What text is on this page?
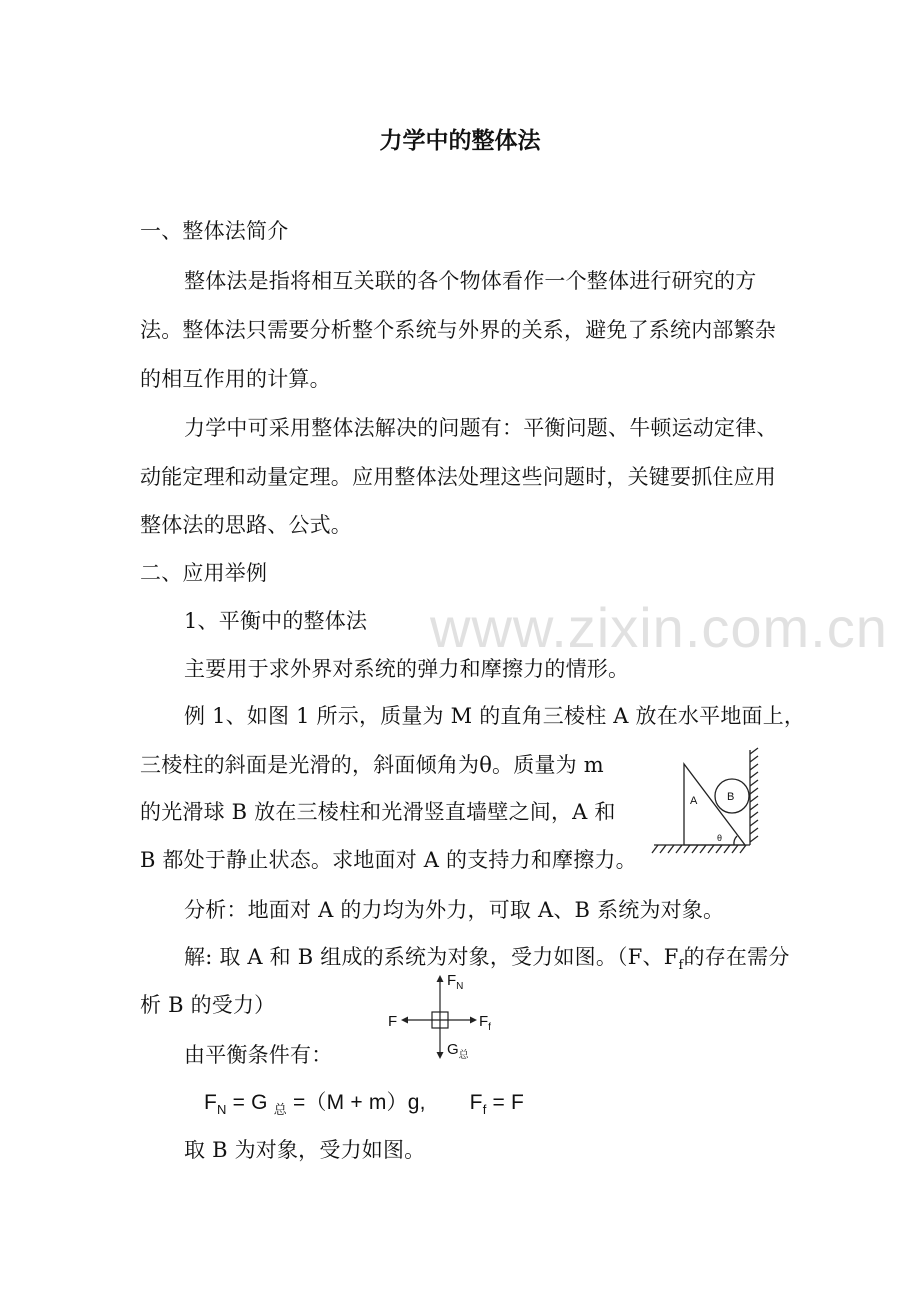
www.zixin.com.cn
力学中的整体法
一、整体法简介
整体法是指将相互关联的各个物体看作一个整体进行研究的方
法。整体法只需要分析整个系统与外界的关系，避免了系统内部繁杂
的相互作用的计算。
力学中可采用整体法解决的问题有：平衡问题、牛顿运动定律、
动能定理和动量定理。应用整体法处理这些问题时，关键要抓住应用
整体法的思路、公式。
二、应用举例
1、平衡中的整体法
主要用于求外界对系统的弹力和摩擦力的情形。
例 1、如图 1 所示，质量为 M 的直角三棱柱 A 放在水平地面上，
三棱柱的斜面是光滑的，斜面倾角为θ。质量为 m
的光滑球 B 放在三棱柱和光滑竖直墙壁之间，A 和
B 都处于静止状态。求地面对 A 的支持力和摩擦力。
分析：地面对 A 的力均为外力，可取 A、B 系统为对象。
解: 取 A 和 B 组成的系统为对象，受力如图。（F、$F_f$的存在需分
析 B 的受力）
由平衡条件有：
$F_N = G$ $_总$ =（M + m）g, $F_f = F$
取 B 为对象，受力如图。
A	B
θ
$F_N$
F	$F_f$
$G_总$
